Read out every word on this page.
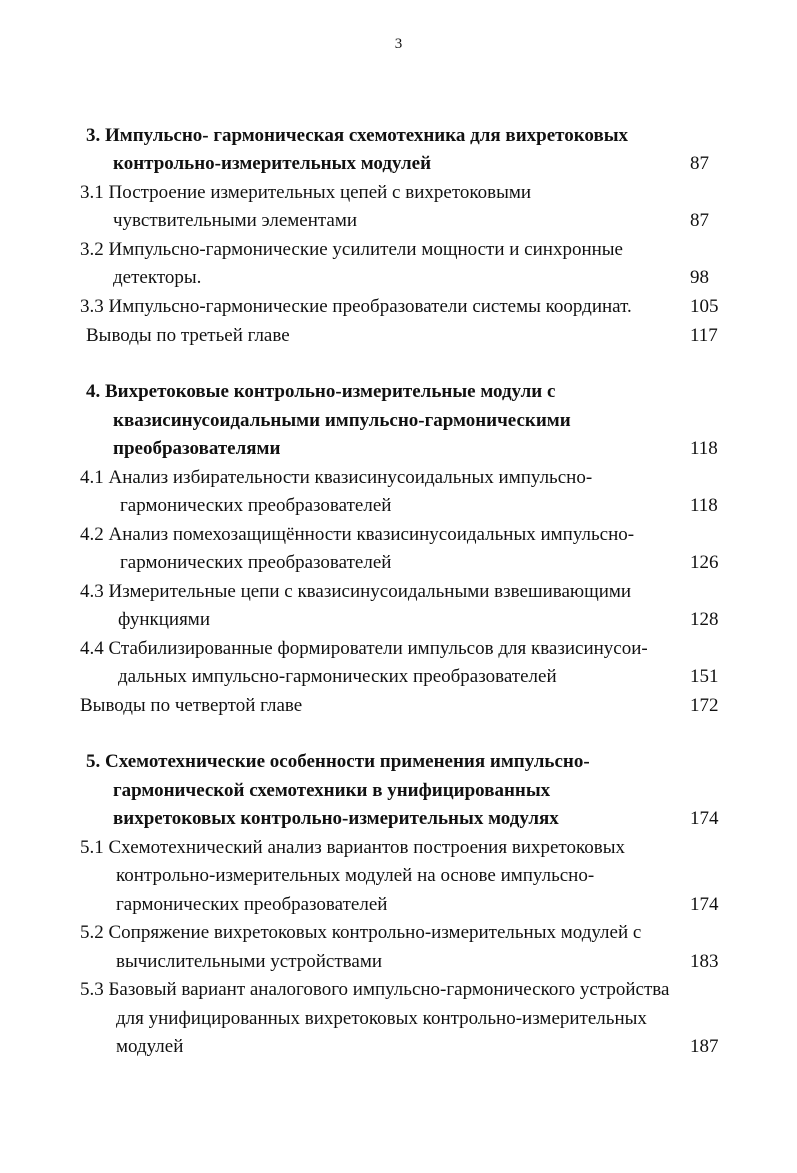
3
3. Импульсно- гармоническая схемотехника для вихретоковых
контрольно-измерительных модулей	87
3.1 Построение измерительных цепей с вихретоковыми
чувствительными элементами	87
3.2 Импульсно-гармонические усилители мощности и синхронные
детекторы.	98
3.3 Импульсно-гармонические преобразователи системы координат.	105
Выводы по третьей главе	117
4. Вихретоковые контрольно-измерительные модули с
квазисинусоидальными импульсно-гармоническими
преобразователями	118
4.1 Анализ избирательности квазисинусоидальных импульсно-
гармонических преобразователей	118
4.2 Анализ помехозащищённости квазисинусоидальных импульсно-
гармонических преобразователей	126
4.3 Измерительные цепи с квазисинусоидальными взвешивающими
функциями	128
4.4 Стабилизированные формирователи импульсов для квазисинусои-
дальных импульсно-гармонических преобразователей	151
Выводы по четвертой главе	172
5. Схемотехнические особенности применения импульсно-
гармонической схемотехники в унифицированных
вихретоковых контрольно-измерительных модулях	174
5.1 Схемотехнический анализ вариантов построения вихретоковых
контрольно-измерительных модулей на основе импульсно-
гармонических преобразователей	174
5.2 Сопряжение вихретоковых контрольно-измерительных модулей с
вычислительными устройствами	183
5.3 Базовый вариант аналогового импульсно-гармонического устройства
для унифицированных вихретоковых контрольно-измерительных
модулей	187
